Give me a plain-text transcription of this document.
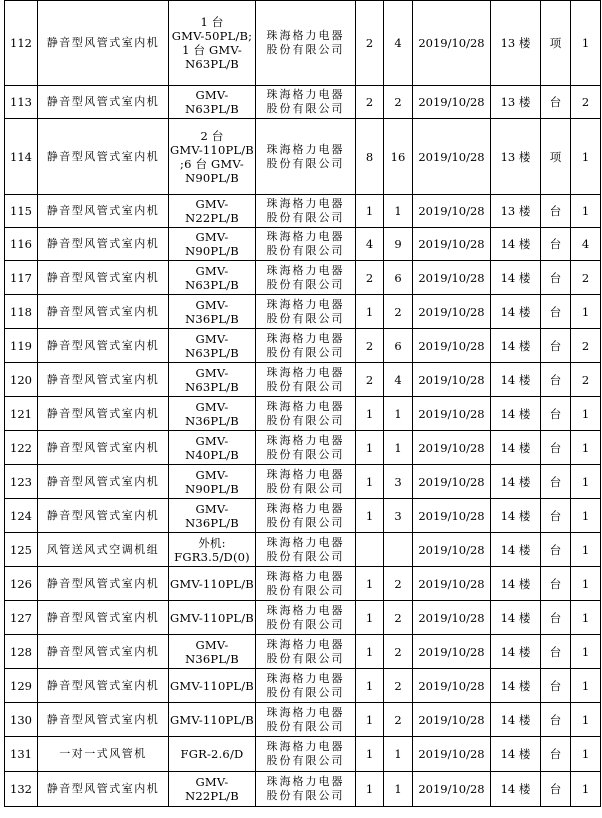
112	静音型风管式室内机	1 台
GMV-50PL/B;
1 台 GMV-
N63PL/B	珠海格力电器
股份有限公司	2	4	2019/10/28	13 楼	项	1
113	静音型风管式室内机	GMV-N63PL/B	珠海格力电器
股份有限公司	2	2	2019/10/28	13 楼	台	2
114	静音型风管式室内机	2 台
GMV-110PL/B
;6 台 GMV-
N90PL/B	珠海格力电器
股份有限公司	8	16	2019/10/28	13 楼	项	1
115	静音型风管式室内机	GMV-N22PL/B	珠海格力电器
股份有限公司	1	1	2019/10/28	13 楼	台	1
116	静音型风管式室内机	GMV-N90PL/B	珠海格力电器
股份有限公司	4	9	2019/10/28	14 楼	台	4
117	静音型风管式室内机	GMV-N63PL/B	珠海格力电器
股份有限公司	2	6	2019/10/28	14 楼	台	2
118	静音型风管式室内机	GMV-N36PL/B	珠海格力电器
股份有限公司	1	2	2019/10/28	14 楼	台	1
119	静音型风管式室内机	GMV-N63PL/B	珠海格力电器
股份有限公司	2	6	2019/10/28	14 楼	台	2
120	静音型风管式室内机	GMV-N63PL/B	珠海格力电器
股份有限公司	2	4	2019/10/28	14 楼	台	2
121	静音型风管式室内机	GMV-N36PL/B	珠海格力电器
股份有限公司	1	1	2019/10/28	14 楼	台	1
122	静音型风管式室内机	GMV-N40PL/B	珠海格力电器
股份有限公司	1	1	2019/10/28	14 楼	台	1
123	静音型风管式室内机	GMV-N90PL/B	珠海格力电器
股份有限公司	1	3	2019/10/28	14 楼	台	1
124	静音型风管式室内机	GMV-N36PL/B	珠海格力电器
股份有限公司	1	3	2019/10/28	14 楼	台	1
125	风管送风式空调机组	外机:
FGR3.5/D(0)	珠海格力电器
股份有限公司			2019/10/28	14 楼	台	1
126	静音型风管式室内机	GMV-110PL/B	珠海格力电器
股份有限公司	1	2	2019/10/28	14 楼	台	1
127	静音型风管式室内机	GMV-110PL/B	珠海格力电器
股份有限公司	1	2	2019/10/28	14 楼	台	1
128	静音型风管式室内机	GMV-N36PL/B	珠海格力电器
股份有限公司	1	2	2019/10/28	14 楼	台	1
129	静音型风管式室内机	GMV-110PL/B	珠海格力电器
股份有限公司	1	2	2019/10/28	14 楼	台	1
130	静音型风管式室内机	GMV-110PL/B	珠海格力电器
股份有限公司	1	2	2019/10/28	14 楼	台	1
131	一对一式风管机	FGR-2.6/D	珠海格力电器
股份有限公司	1	1	2019/10/28	14 楼	台	1
132	静音型风管式室内机	GMV-N22PL/B	珠海格力电器
股份有限公司	1	1	2019/10/28	14 楼	台	1
